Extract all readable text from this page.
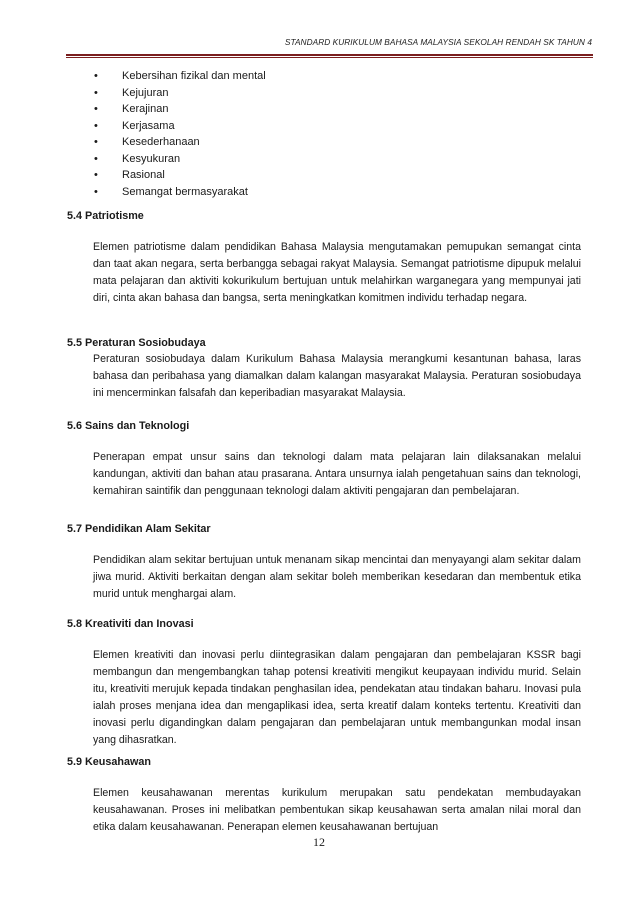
STANDARD KURIKULUM BAHASA MALAYSIA SEKOLAH RENDAH SK TAHUN 4
• Kebersihan fizikal dan mental
• Kejujuran
• Kerajinan
• Kerjasama
• Kesederhanaan
• Kesyukuran
• Rasional
• Semangat bermasyarakat
5.4 Patriotisme
Elemen patriotisme dalam pendidikan Bahasa Malaysia mengutamakan pemupukan semangat cinta dan taat akan negara, serta berbangga sebagai rakyat Malaysia. Semangat patriotisme dipupuk melalui mata pelajaran dan aktiviti kokurikulum bertujuan untuk melahirkan warganegara yang mempunyai jati diri, cinta akan bahasa dan bangsa, serta meningkatkan komitmen individu terhadap negara.
5.5 Peraturan Sosiobudaya
Peraturan sosiobudaya dalam Kurikulum Bahasa Malaysia merangkumi kesantunan bahasa, laras bahasa dan peribahasa yang diamalkan dalam kalangan masyarakat Malaysia. Peraturan sosiobudaya ini mencerminkan falsafah dan keperibadian masyarakat Malaysia.
5.6 Sains dan Teknologi
Penerapan empat unsur sains dan teknologi dalam mata pelajaran lain dilaksanakan melalui kandungan, aktiviti dan bahan atau prasarana. Antara unsurnya ialah pengetahuan sains dan teknologi, kemahiran saintifik dan penggunaan teknologi dalam aktiviti pengajaran dan pembelajaran.
5.7 Pendidikan Alam Sekitar
Pendidikan alam sekitar bertujuan untuk menanam sikap mencintai dan menyayangi alam sekitar dalam jiwa murid. Aktiviti berkaitan dengan alam sekitar boleh memberikan kesedaran dan membentuk etika murid untuk menghargai alam.
5.8 Kreativiti dan Inovasi
Elemen kreativiti dan inovasi perlu diintegrasikan dalam pengajaran dan pembelajaran KSSR bagi membangun dan mengembangkan tahap potensi kreativiti mengikut keupayaan individu murid. Selain itu, kreativiti merujuk kepada tindakan penghasilan idea, pendekatan atau tindakan baharu. Inovasi pula ialah proses menjana idea dan mengaplikasi idea, serta kreatif dalam konteks tertentu. Kreativiti dan inovasi perlu digandingkan dalam pengajaran dan pembelajaran untuk membangunkan modal insan yang dihasratkan.
5.9 Keusahawan
Elemen keusahawanan merentas kurikulum merupakan satu pendekatan membudayakan keusahawanan. Proses ini melibatkan pembentukan sikap keusahawan serta amalan nilai moral dan etika dalam keusahawanan. Penerapan elemen keusahawanan bertujuan
12
